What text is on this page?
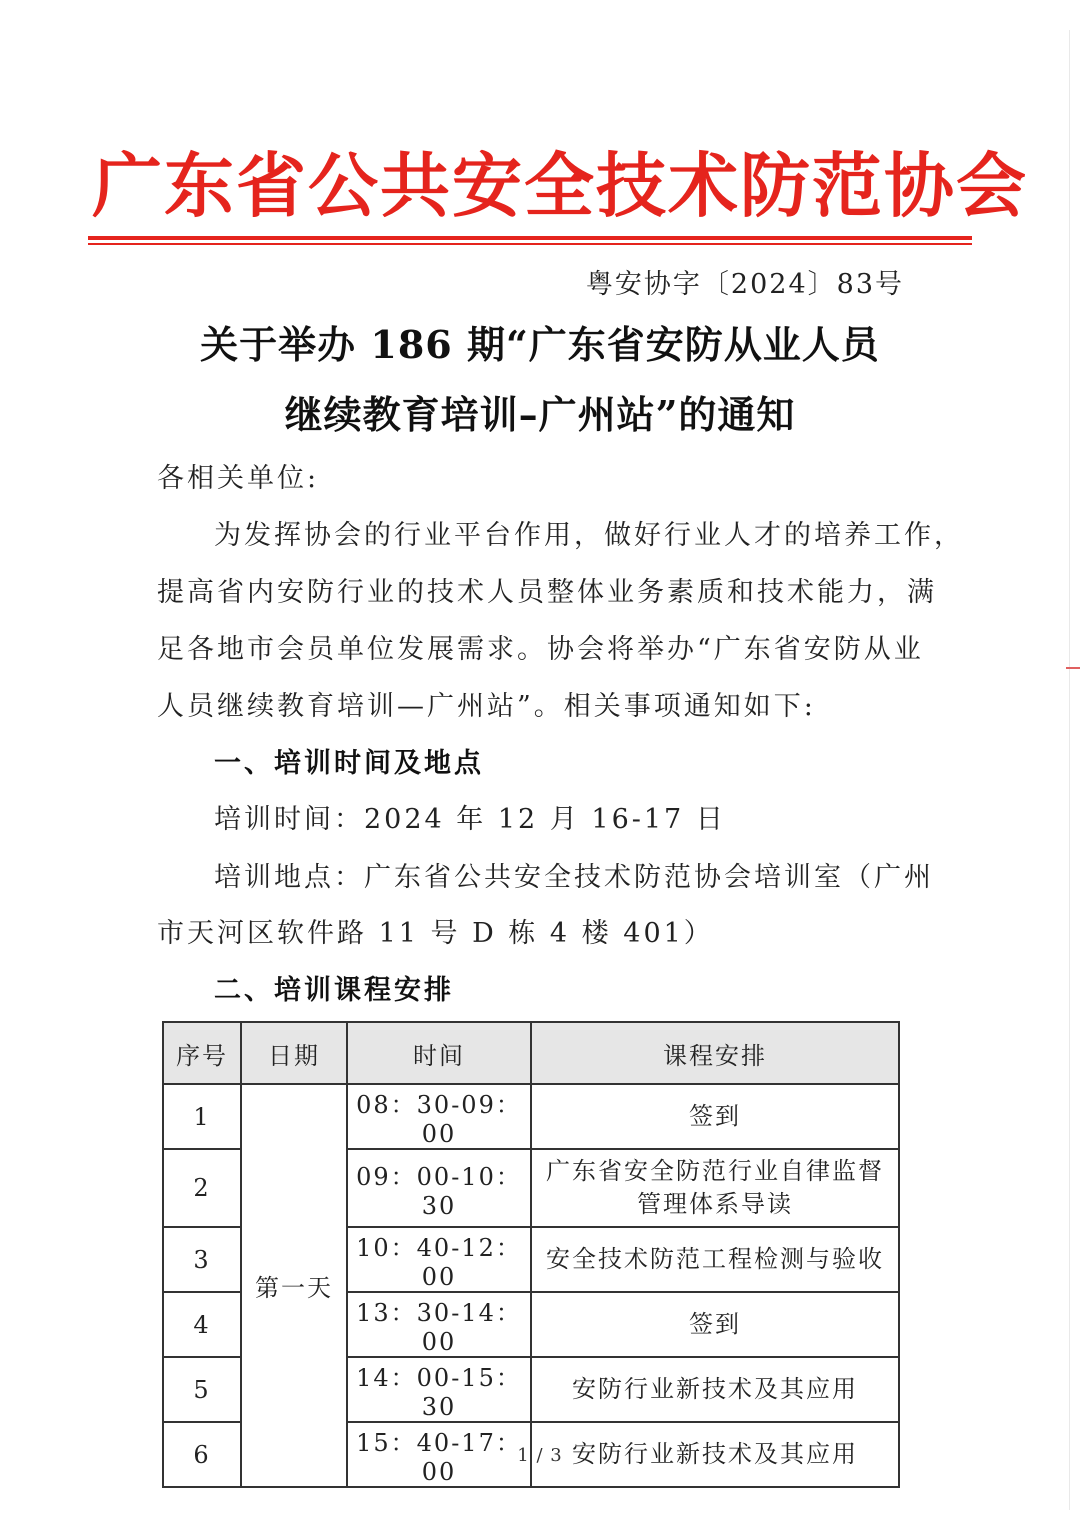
广东省公共安全技术防范协会
粤安协字〔2024〕83号
关于举办 186 期“广东省安防从业人员
继续教育培训–广州站”的通知
各相关单位:
为发挥协会的行业平台作用，做好行业人才的培养工作，
提高省内安防行业的技术人员整体业务素质和技术能力，满
足各地市会员单位发展需求。协会将举办“广东省安防从业
人员继续教育培训—广州站”。相关事项通知如下:
一、培训时间及地点
培训时间：2024 年 12 月 16-17 日
培训地点：广东省公共安全技术防范协会培训室（广州
市天河区软件路 11 号 D 栋 4 楼 401）
二、培训课程安排
序号	日期	时间	课程安排
1	第一天	08：30-09：00	签到

2		09：00-10：30	广东省安全防范行业自律监督
管理体系导读

3		10：40-12：00	安全技术防范工程检测与验收

4		13：30-14：00	签到

5		14：00-15：30	安防行业新技术及其应用

6		15：40-17：00	安防行业新技术及其应用
1 / 3
